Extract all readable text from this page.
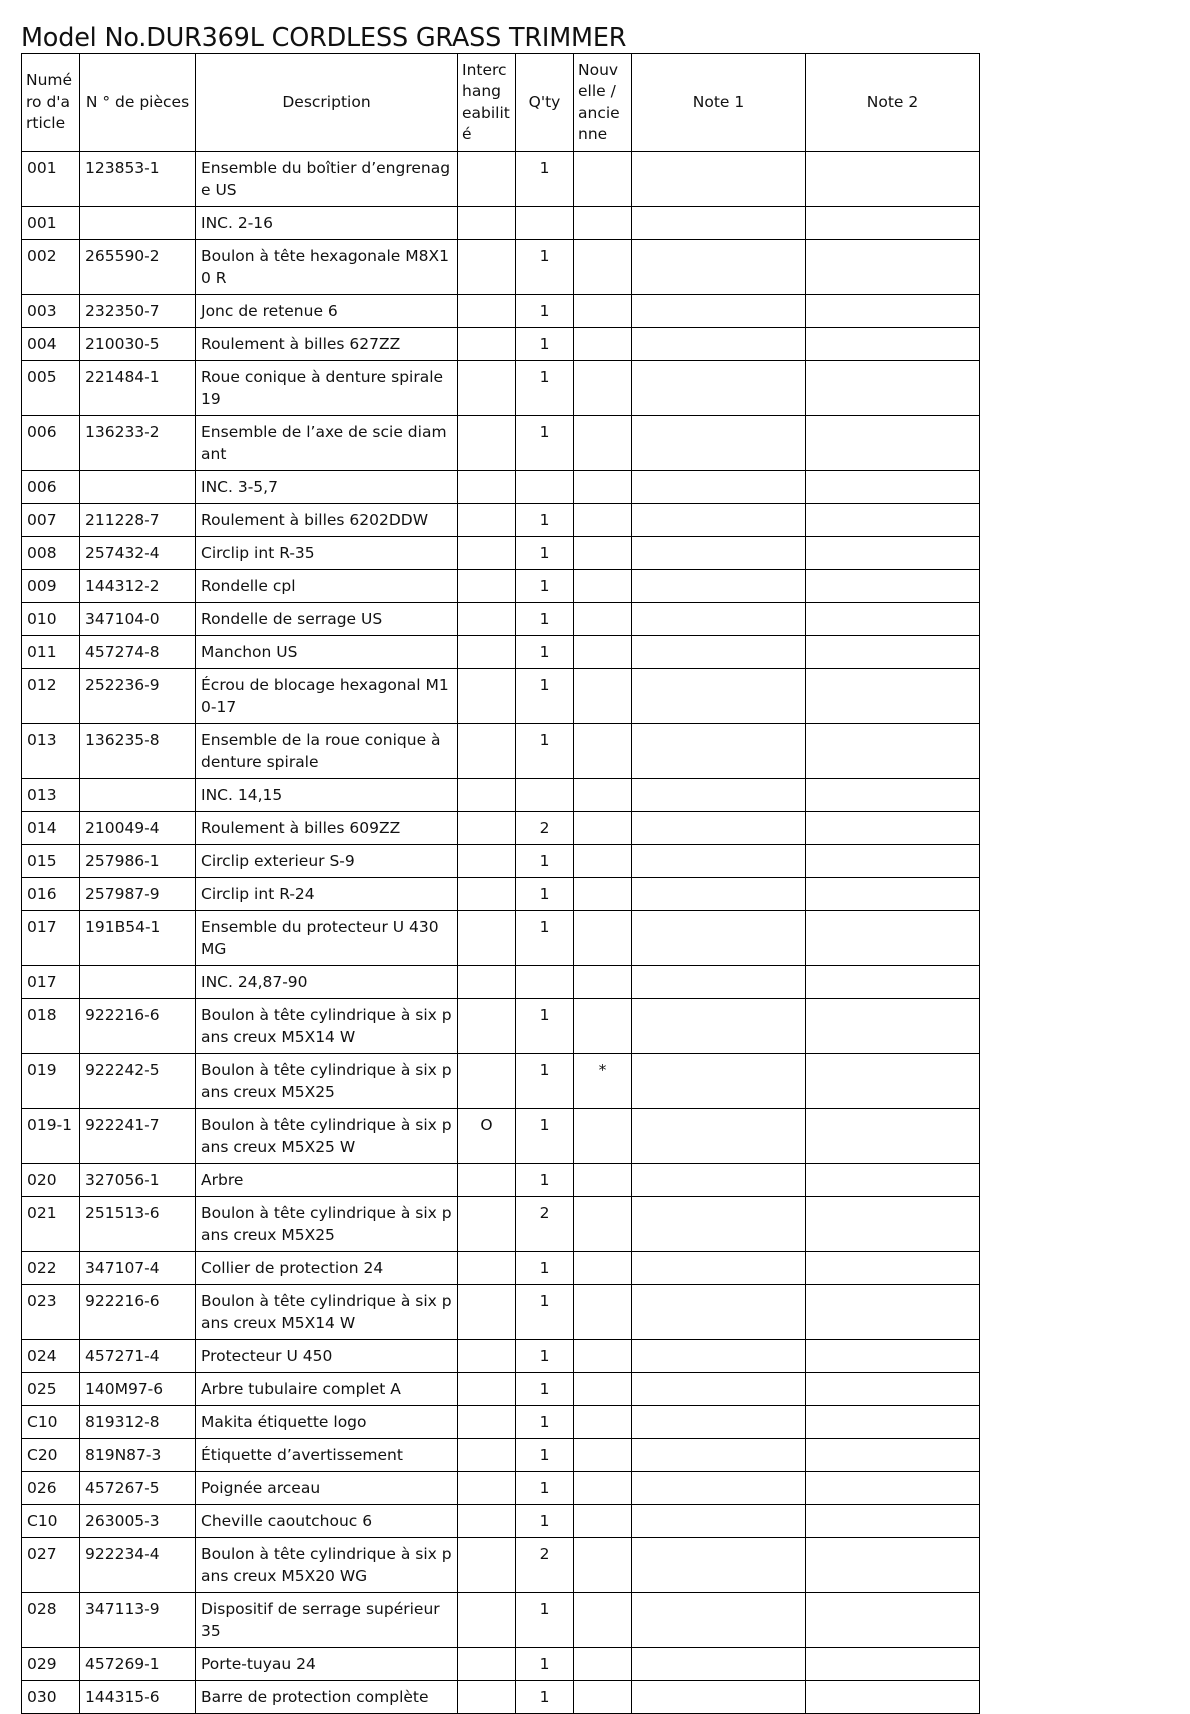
Model No.DUR369L CORDLESS GRASS TRIMMER
Numé ro d'a rticle	N ° de pièces	Description	Interc hang eabilit é	Q'ty	Nouv elle / ancie nne	Note 1	Note 2
001	123853-1	Ensemble du boîtier d’engrenage US		1			
001		INC. 2-16					
002	265590-2	Boulon à tête hexagonale M8X10 R		1			
003	232350-7	Jonc de retenue 6		1			
004	210030-5	Roulement à billes 627ZZ		1			
005	221484-1	Roue conique à denture spirale 19		1			
006	136233-2	Ensemble de l’axe de scie diamant		1			
006		INC. 3-5,7					
007	211228-7	Roulement à billes 6202DDW		1			
008	257432-4	Circlip int R-35		1			
009	144312-2	Rondelle cpl		1			
010	347104-0	Rondelle de serrage US		1			
011	457274-8	Manchon US		1			
012	252236-9	Écrou de blocage hexagonal M10-17		1			
013	136235-8	Ensemble de la roue conique à denture spirale		1			
013		INC. 14,15					
014	210049-4	Roulement à billes 609ZZ		2			
015	257986-1	Circlip exterieur S-9		1			
016	257987-9	Circlip int R-24		1			
017	191B54-1	Ensemble du protecteur U 430 MG		1			
017		INC. 24,87-90					
018	922216-6	Boulon à tête cylindrique à six pans creux M5X14 W		1			
019	922242-5	Boulon à tête cylindrique à six pans creux M5X25		1	*		
019-1	922241-7	Boulon à tête cylindrique à six pans creux M5X25 W	O	1			
020	327056-1	Arbre		1			
021	251513-6	Boulon à tête cylindrique à six pans creux M5X25		2			
022	347107-4	Collier de protection 24		1			
023	922216-6	Boulon à tête cylindrique à six pans creux M5X14 W		1			
024	457271-4	Protecteur U 450		1			
025	140M97-6	Arbre tubulaire complet A		1			
C10	819312-8	Makita étiquette logo		1			
C20	819N87-3	Étiquette d’avertissement		1			
026	457267-5	Poignée arceau		1			
C10	263005-3	Cheville caoutchouc 6		1			
027	922234-4	Boulon à tête cylindrique à six pans creux M5X20 WG		2			
028	347113-9	Dispositif de serrage supérieur 35		1			
029	457269-1	Porte-tuyau 24		1			
030	144315-6	Barre de protection complète		1			
